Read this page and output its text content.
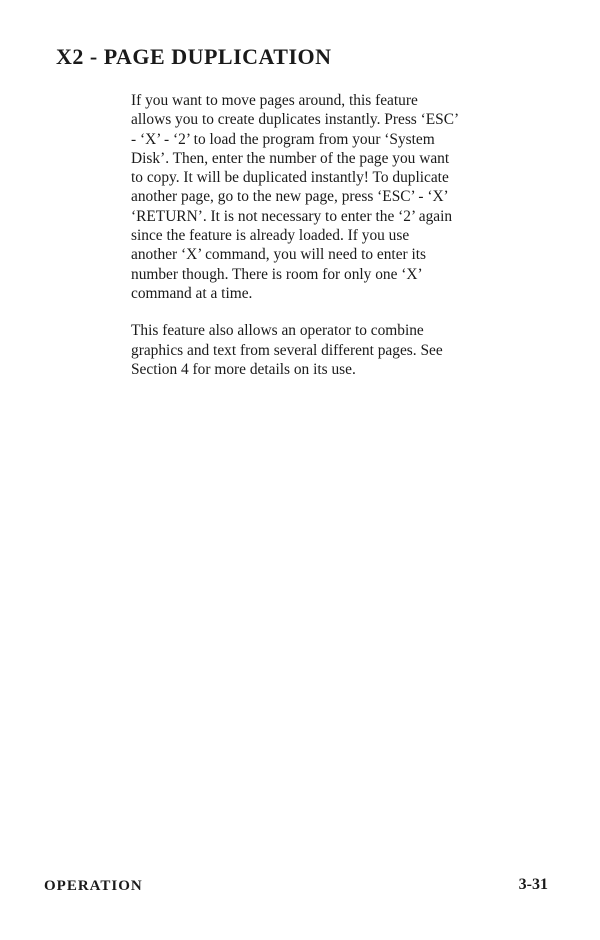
X2 - PAGE DUPLICATION
If you want to move pages around, this feature
allows you to create duplicates instantly. Press ‘ESC’
- ‘X’ - ‘2’ to load the program from your ‘System
Disk’. Then, enter the number of the page you want
to copy. It will be duplicated instantly! To duplicate
another page, go to the new page, press ‘ESC’ - ‘X’
‘RETURN’. It is not necessary to enter the ‘2’ again
since the feature is already loaded. If you use
another ‘X’ command, you will need to enter its
number though. There is room for only one ‘X’
command at a time.
This feature also allows an operator to combine
graphics and text from several different pages. See
Section 4 for more details on its use.
OPERATION	3-31
